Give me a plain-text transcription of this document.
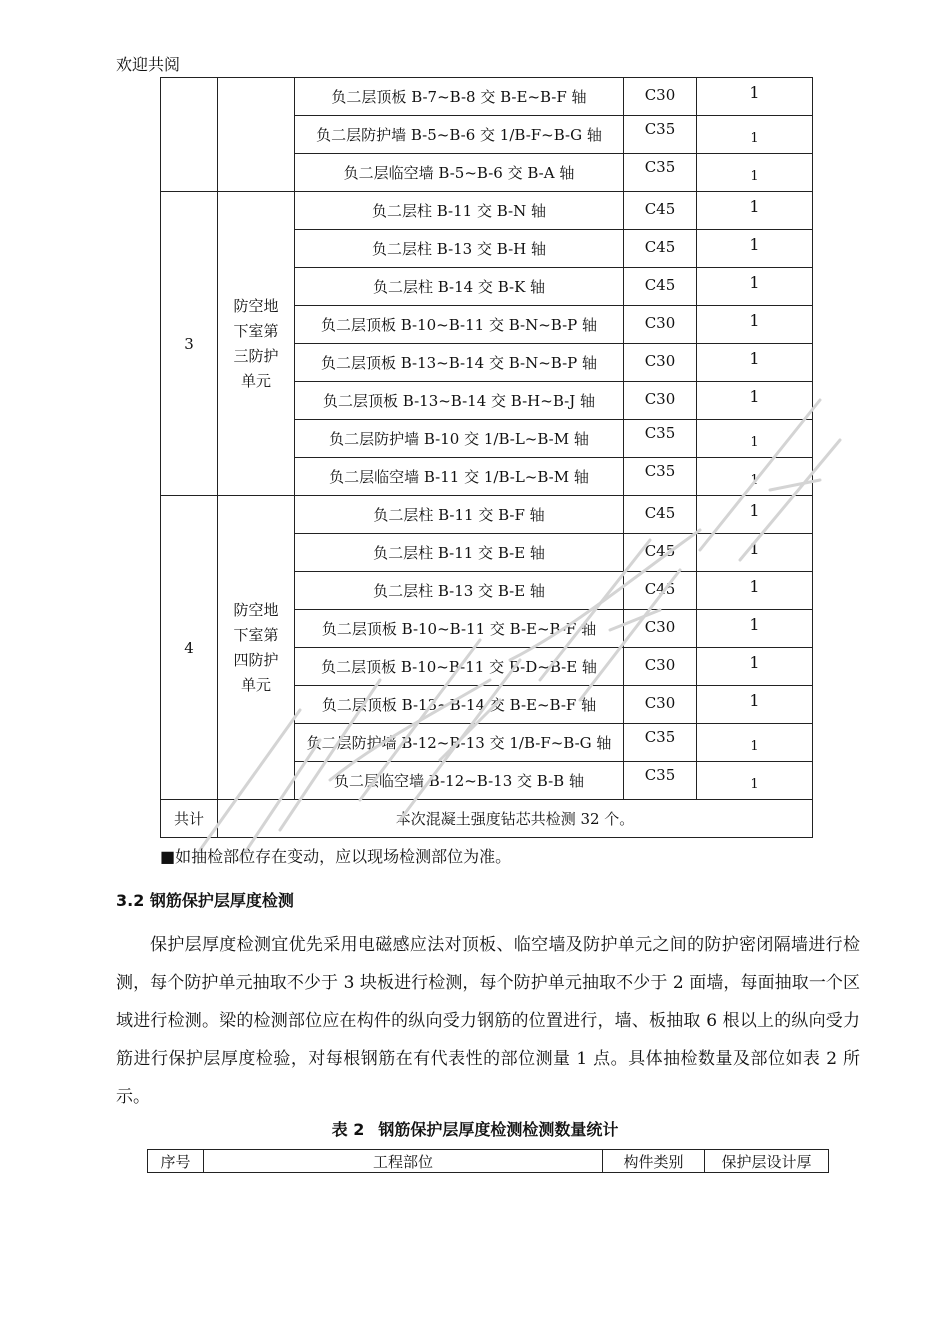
欢迎共阅
		负二层顶板 B-7~B-8 交 B-E~B-F 轴	C30	1
		负二层防护墙 B-5~B-6 交 1/B-F~B-G 轴	C35	1
		负二层临空墙 B-5~B-6 交 B-A 轴	C35	1
3	防空地下室第三防护单元	负二层柱 B-11 交 B-N 轴	C45	1
		负二层柱 B-13 交 B-H 轴	C45	1
		负二层柱 B-14 交 B-K 轴	C45	1
		负二层顶板 B-10~B-11 交 B-N~B-P 轴	C30	1
		负二层顶板 B-13~B-14 交 B-N~B-P 轴	C30	1
		负二层顶板 B-13~B-14 交 B-H~B-J 轴	C30	1
		负二层防护墙 B-10 交 1/B-L~B-M 轴	C35	1
		负二层临空墙 B-11 交 1/B-L~B-M 轴	C35	1
4	防空地下室第四防护单元	负二层柱 B-11 交 B-F 轴	C45	1
		负二层柱 B-11 交 B-E 轴	C45	1
		负二层柱 B-13 交 B-E 轴	C45	1
		负二层顶板 B-10~B-11 交 B-E~B-F 轴	C30	1
		负二层顶板 B-10~B-11 交 B-D~B-E 轴	C30	1
		负二层顶板 B-13~B-14 交 B-E~B-F 轴	C30	1
		负二层防护墙 B-12~B-13 交 1/B-F~B-G 轴	C35	1
		负二层临空墙 B-12~B-13 交 B-B 轴	C35	1
共计	本次混凝土强度钻芯共检测 32 个。			
■如抽检部位存在变动，应以现场检测部位为准。
3.2 钢筋保护层厚度检测
保护层厚度检测宜优先采用电磁感应法对顶板、临空墙及防护单元之间的防护密闭隔墙进行检测，每个防护单元抽取不少于 3 块板进行检测，每个防护单元抽取不少于 2 面墙，每面抽取一个区域进行检测。梁的检测部位应在构件的纵向受力钢筋的位置进行，墙、板抽取 6 根以上的纵向受力筋进行保护层厚度检验，对每根钢筋在有代表性的部位测量 1 点。具体抽检数量及部位如表 2 所示。
表 2 钢筋保护层厚度检测检测数量统计
序号	工程部位	构件类别	保护层设计厚
